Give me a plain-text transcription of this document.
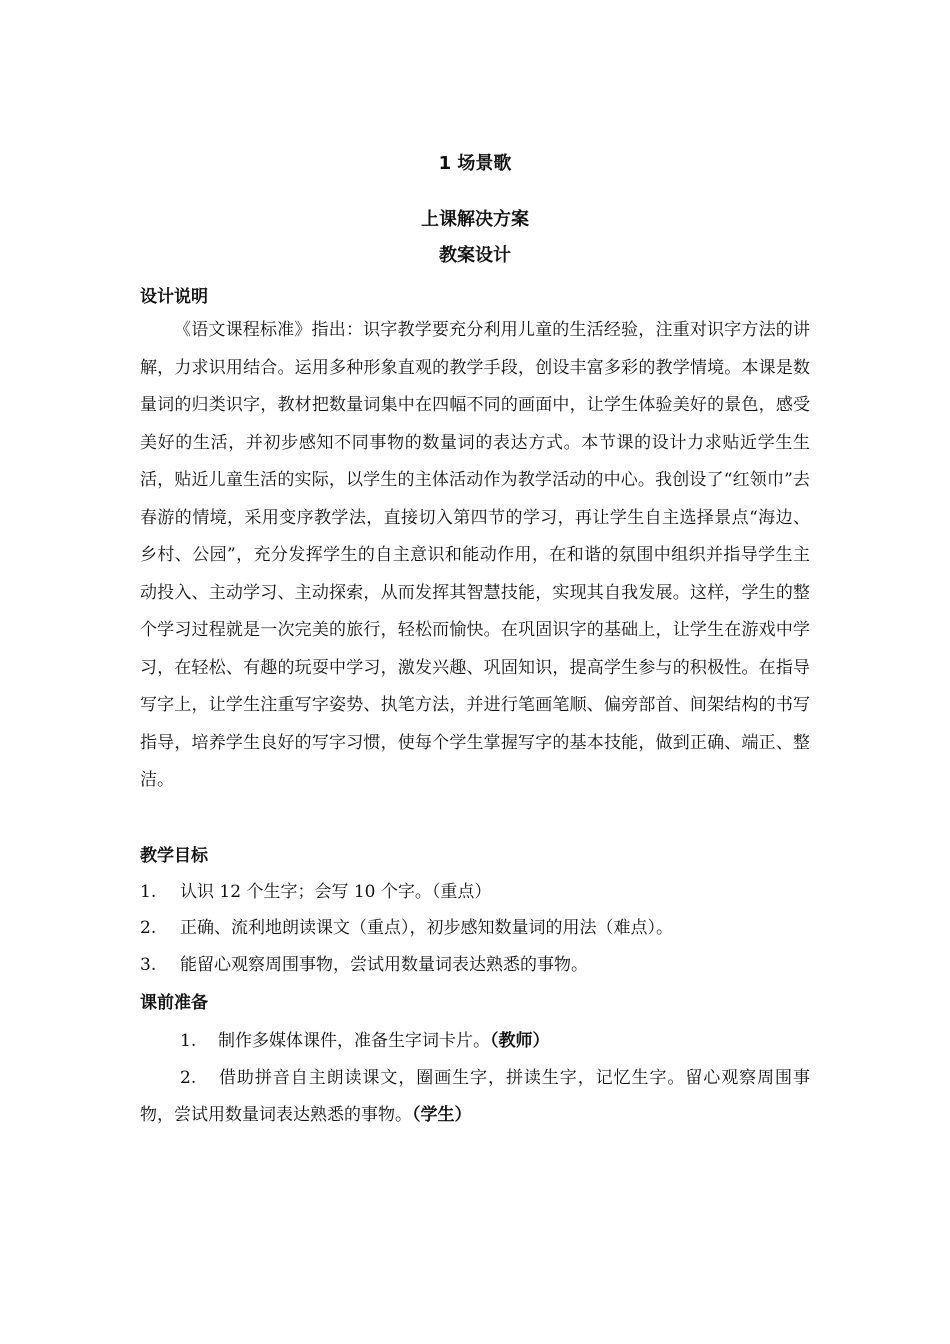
1 场景歌
上课解决方案
教案设计
设计说明

《语文课程标准》指出：识字教学要充分利用儿童的生活经验，注重对识字方法的讲解，力求识用结合。运用多种形象直观的教学手段，创设丰富多彩的教学情境。本课是数量词的归类识字，教材把数量词集中在四幅不同的画面中，让学生体验美好的景色，感受美好的生活，并初步感知不同事物的数量词的表达方式。本节课的设计力求贴近学生生活，贴近儿童生活的实际，以学生的主体活动作为教学活动的中心。我创设了“红领巾”去春游的情境，采用变序教学法，直接切入第四节的学习，再让学生自主选择景点“海边、乡村、公园”，充分发挥学生的自主意识和能动作用，在和谐的氛围中组织并指导学生主动投入、主动学习、主动探索，从而发挥其智慧技能，实现其自我发展。这样，学生的整个学习过程就是一次完美的旅行，轻松而愉快。在巩固识字的基础上，让学生在游戏中学习，在轻松、有趣的玩耍中学习，激发兴趣、巩固知识，提高学生参与的积极性。在指导写字上，让学生注重写字姿势、执笔方法，并进行笔画笔顺、偏旁部首、间架结构的书写指导，培养学生良好的写字习惯，使每个学生掌握写字的基本技能，做到正确、端正、整洁。

教学目标
1. 认识 12 个生字；会写 10 个字。（重点）
2. 正确、流利地朗读课文（重点），初步感知数量词的用法（难点）。
3. 能留心观察周围事物，尝试用数量词表达熟悉的事物。
课前准备

1. 制作多媒体课件，准备生字词卡片。（教师）

2. 借助拼音自主朗读课文，圈画生字，拼读生字，记忆生字。留心观察周围事物，尝试用数量词表达熟悉的事物。（学生）
